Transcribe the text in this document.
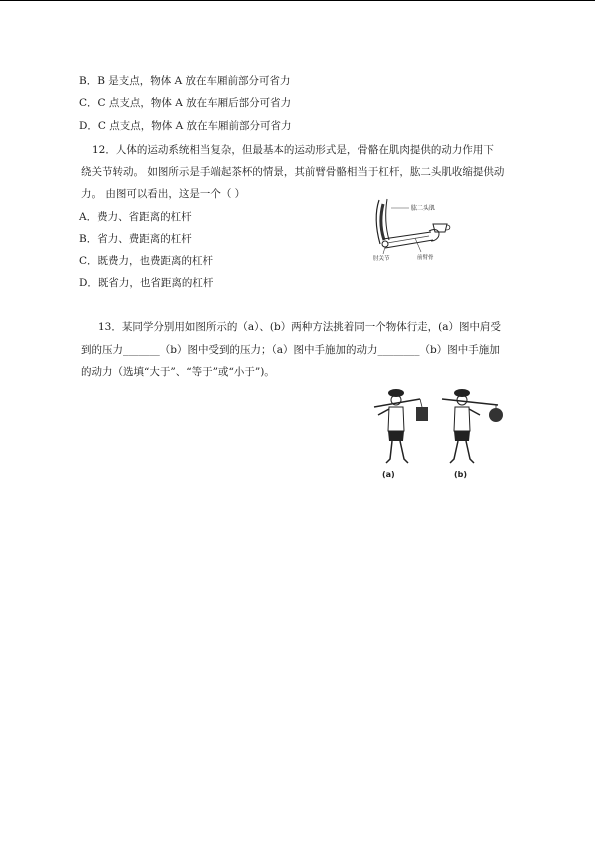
B．B 是支点，物体 A 放在车厢前部分可省力
C．C 点支点，物体 A 放在车厢后部分可省力
D．C 点支点，物体 A 放在车厢前部分可省力
12．人体的运动系统相当复杂，但最基本的运动形式是，骨骼在肌肉提供的动力作用下
绕关节转动。 如图所示是手端起茶杯的情景，其前臂骨骼相当于杠杆，肱二头肌收缩提供动
力。 由图可以看出，这是一个（ ）
A．费力、省距离的杠杆
B．省力、费距离的杠杆
C．既费力，也费距离的杠杆
D．既省力，也省距离的杠杆
肱二头肌
肘关节	前臂骨
13．某同学分别用如图所示的（a）、(b）两种方法挑着同一个物体行走，(a）图中肩受
到的压力_______（b）图中受到的压力；（a）图中手施加的动力________（b）图中手施加
的动力（选填“大于”、“等于”或“小于”)。
(a)	(b)
